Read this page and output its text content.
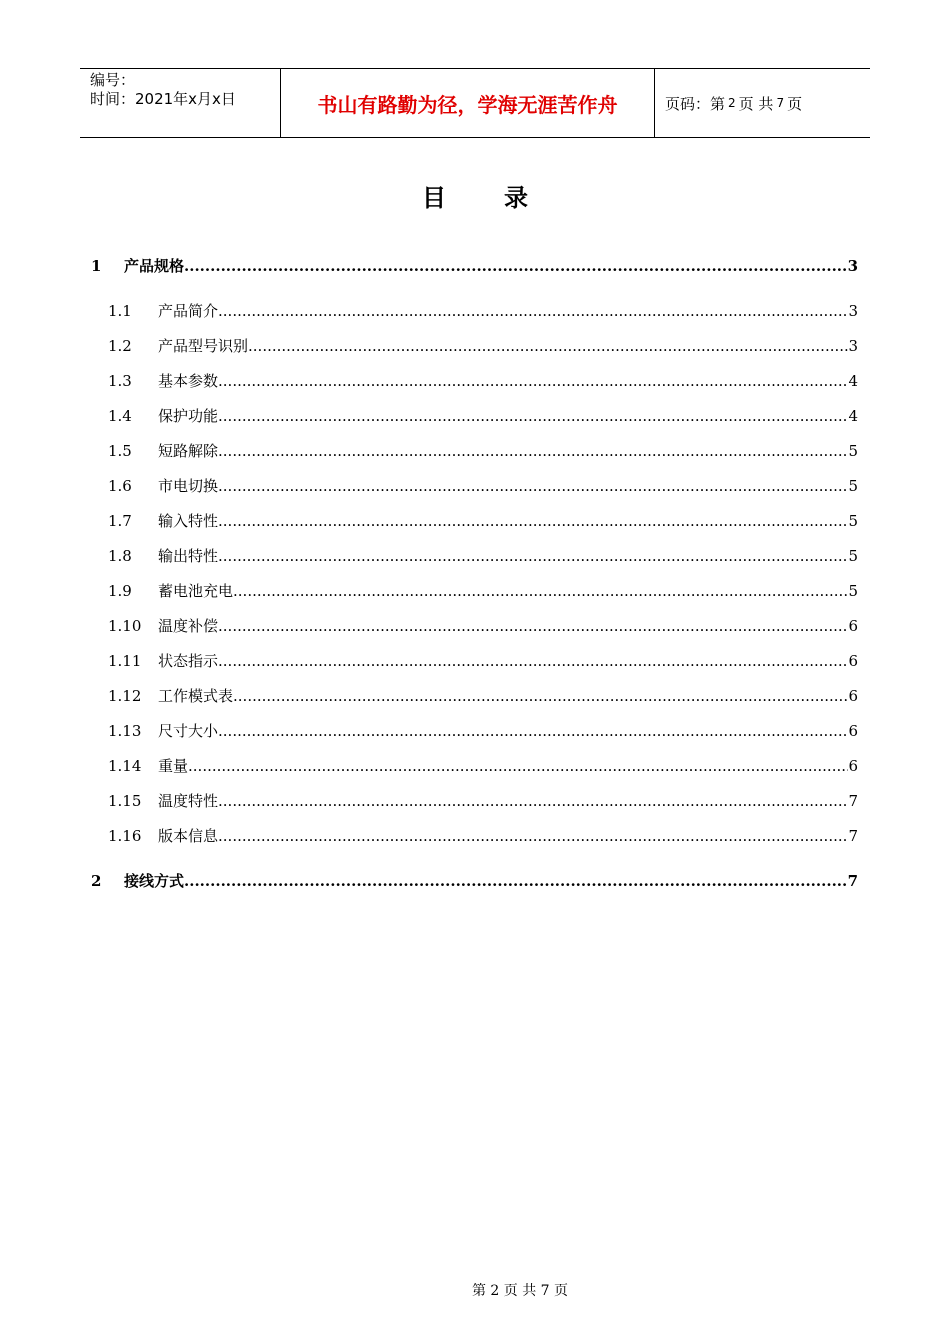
编号：
时间：2021年x月x日	书山有路勤为径，学海无涯苦作舟	页码：第 2 页 共 7 页
目 录
1 产品规格 .....	3
1.1 产品简介 .....	3
1.2 产品型号识别 .....	3
1.3 基本参数 .....	4
1.4 保护功能 .....	4
1.5 短路解除 .....	5
1.6 市电切换 .....	5
1.7 输入特性 .....	5
1.8 输出特性 .....	5
1.9 蓄电池充电 .....	5
1.10 温度补偿 .....	6
1.11 状态指示 .....	6
1.12 工作模式表 .....	6
1.13 尺寸大小 .....	6
1.14 重量 .....	6
1.15 温度特性 .....	7
1.16 版本信息 .....	7
2 接线方式 .....	7
第 2 页 共 7 页
